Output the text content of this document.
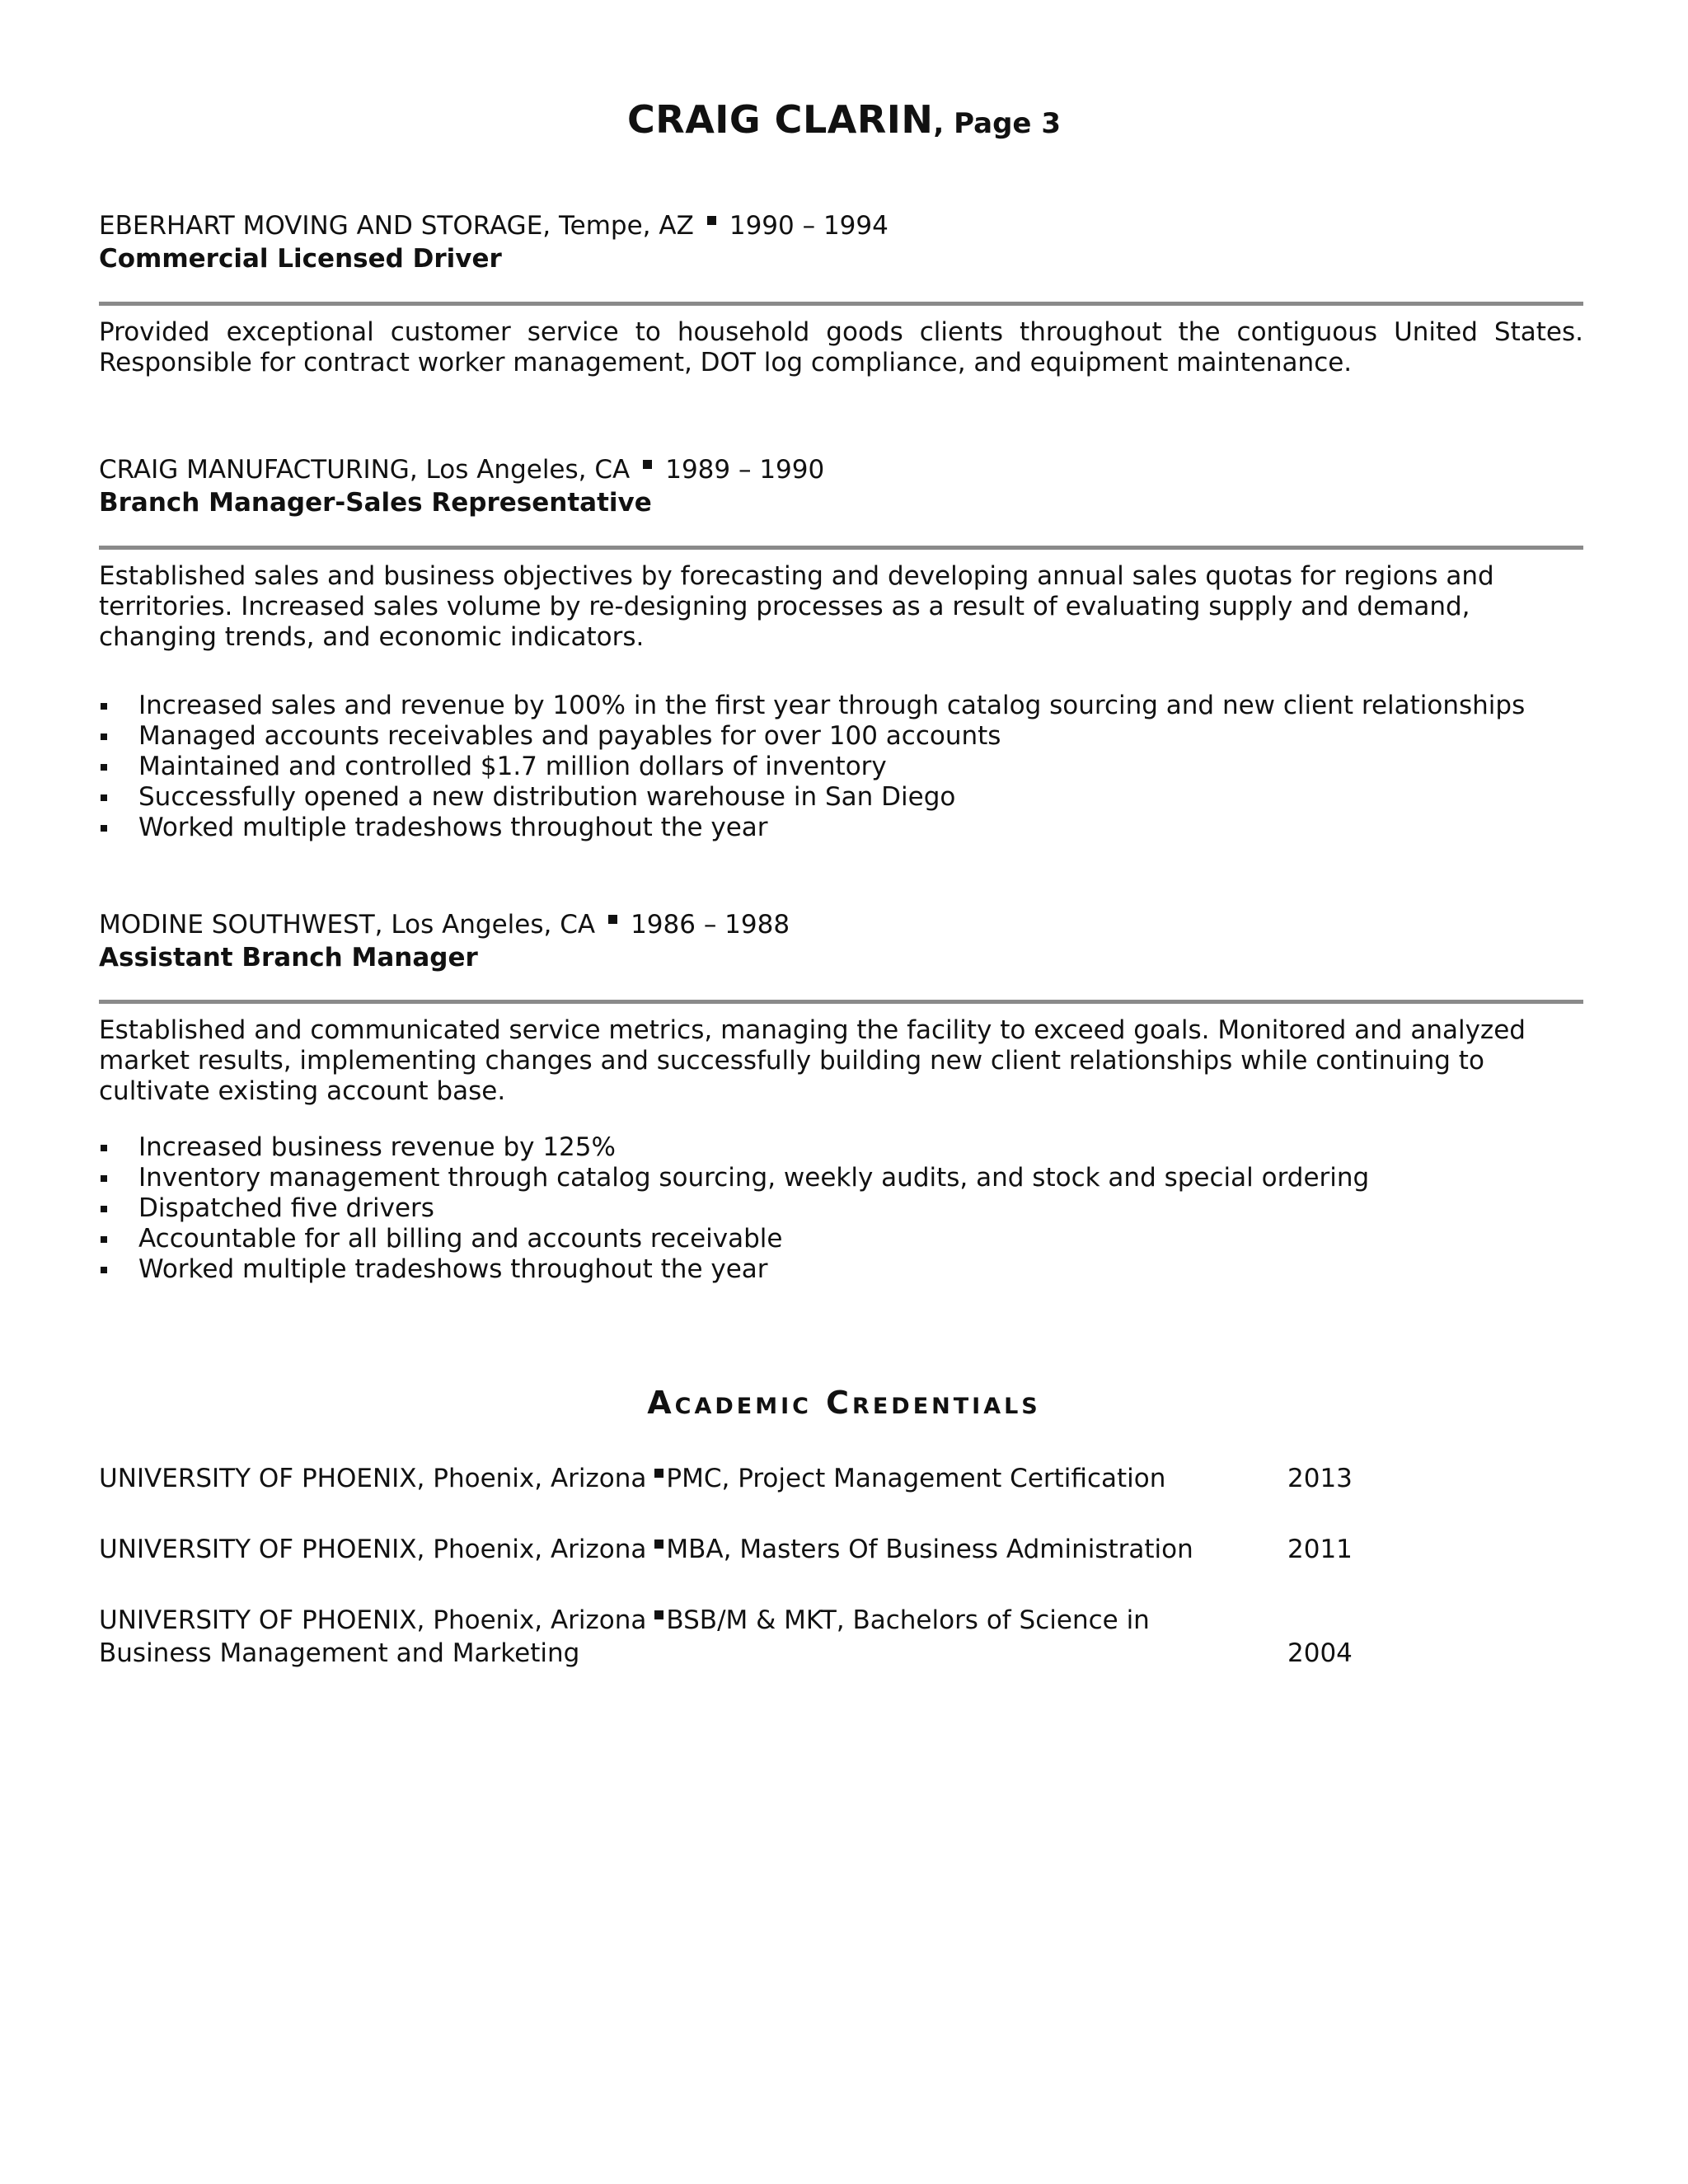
CRAIG CLARIN, Page 3
EBERHART MOVING AND STORAGE, Tempe, AZ 1990 – 1994
Commercial Licensed Driver
Provided exceptional customer service to household goods clients throughout the contiguous United States. Responsible for contract worker management, DOT log compliance, and equipment maintenance.
CRAIG MANUFACTURING, Los Angeles, CA 1989 – 1990
Branch Manager-Sales Representative
Established sales and business objectives by forecasting and developing annual sales quotas for regions and territories. Increased sales volume by re-designing processes as a result of evaluating supply and demand, changing trends, and economic indicators.
Increased sales and revenue by 100% in the first year through catalog sourcing and new client relationships
Managed accounts receivables and payables for over 100 accounts
Maintained and controlled $1.7 million dollars of inventory
Successfully opened a new distribution warehouse in San Diego
Worked multiple tradeshows throughout the year
MODINE SOUTHWEST, Los Angeles, CA 1986 – 1988
Assistant Branch Manager
Established and communicated service metrics, managing the facility to exceed goals. Monitored and analyzed market results, implementing changes and successfully building new client relationships while continuing to cultivate existing account base.
Increased business revenue by 125%
Inventory management through catalog sourcing, weekly audits, and stock and special ordering
Dispatched five drivers
Accountable for all billing and accounts receivable
Worked multiple tradeshows throughout the year
Academic Credentials
UNIVERSITY OF PHOENIX, Phoenix, Arizona PMC, Project Management Certification	2013
UNIVERSITY OF PHOENIX, Phoenix, Arizona MBA, Masters Of Business Administration	2011
UNIVERSITY OF PHOENIX, Phoenix, Arizona BSB/M & MKT, Bachelors of Science in
Business Management and Marketing	2004
